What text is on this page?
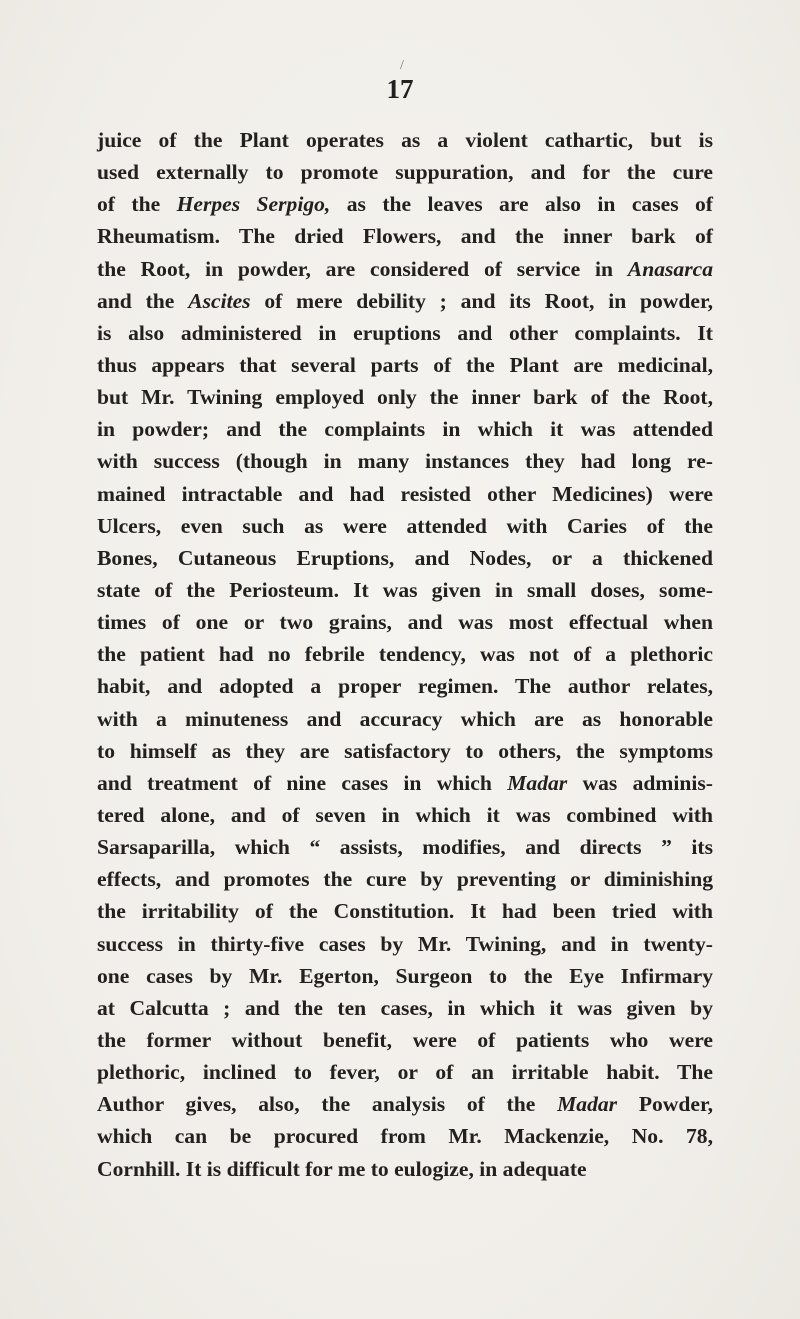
/
17
juice of the Plant operates as a violent cathartic, but is
used externally to promote suppuration, and for the cure
of the Herpes Serpigo, as the leaves are also in cases of
Rheumatism. The dried Flowers, and the inner bark of
the Root, in powder, are considered of service in Anasarca
and the Ascites of mere debility ; and its Root, in powder,
is also administered in eruptions and other complaints. It
thus appears that several parts of the Plant are medicinal,
but Mr. Twining employed only the inner bark of the Root,
in powder; and the complaints in which it was attended
with success (though in many instances they had long re-
mained intractable and had resisted other Medicines) were
Ulcers, even such as were attended with Caries of the
Bones, Cutaneous Eruptions, and Nodes, or a thickened
state of the Periosteum. It was given in small doses, some-
times of one or two grains, and was most effectual when
the patient had no febrile tendency, was not of a plethoric
habit, and adopted a proper regimen. The author relates,
with a minuteness and accuracy which are as honorable
to himself as they are satisfactory to others, the symptoms
and treatment of nine cases in which Madar was adminis-
tered alone, and of seven in which it was combined with
Sarsaparilla, which “ assists, modifies, and directs ” its
effects, and promotes the cure by preventing or diminishing
the irritability of the Constitution. It had been tried with
success in thirty-five cases by Mr. Twining, and in twenty-
one cases by Mr. Egerton, Surgeon to the Eye Infirmary
at Calcutta ; and the ten cases, in which it was given by
the former without benefit, were of patients who were
plethoric, inclined to fever, or of an irritable habit. The
Author gives, also, the analysis of the Madar Powder,
which can be procured from Mr. Mackenzie, No. 78,
Cornhill. It is difficult for me to eulogize, in adequate
